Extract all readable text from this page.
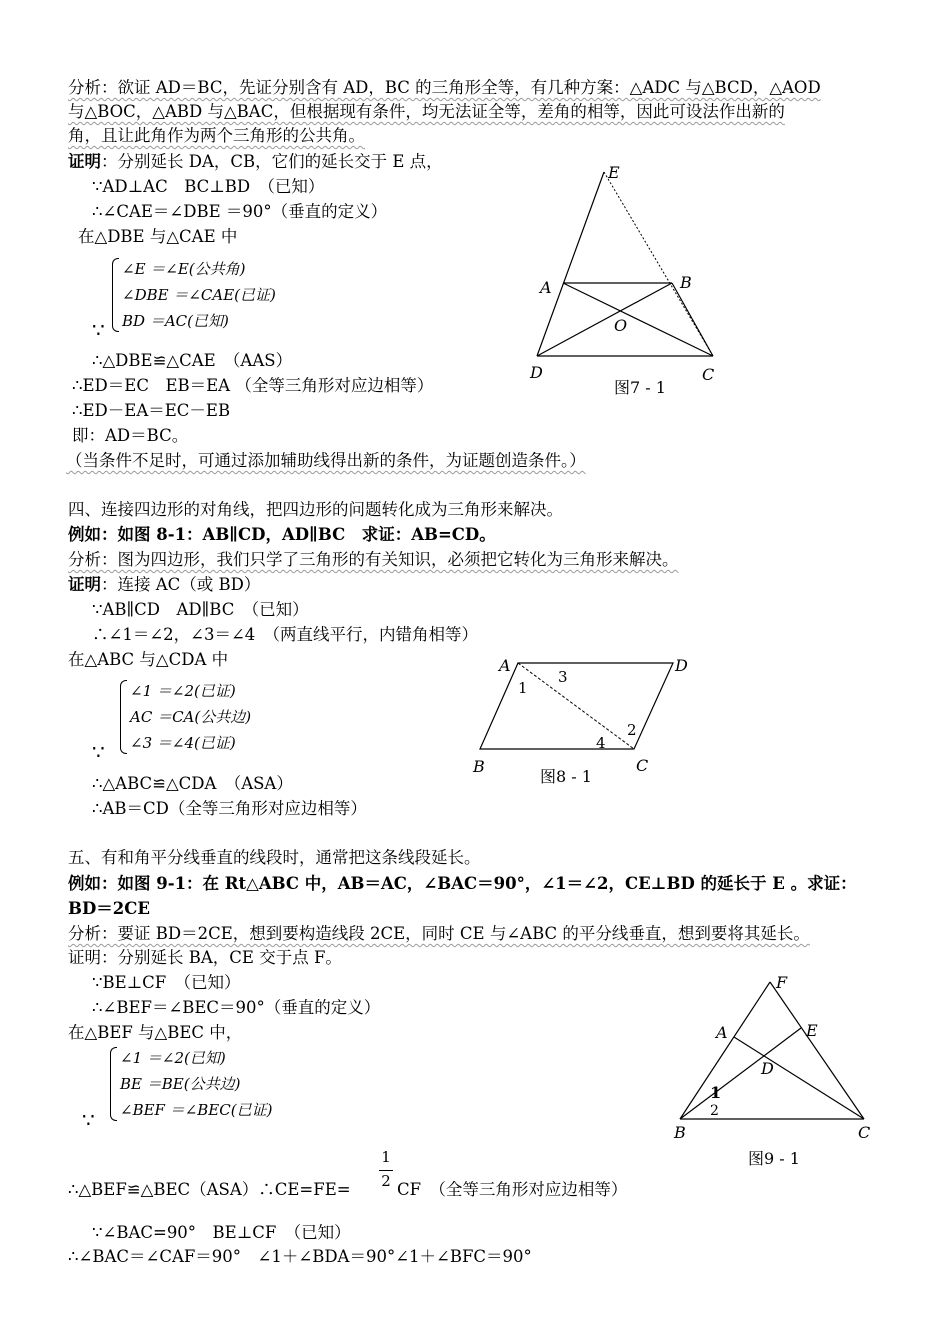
分析：欲证 AD＝BC，先证分别含有 AD，BC 的三角形全等，有几种方案：△ADC 与△BCD，△AOD
与△BOC，△ABD 与△BAC，但根据现有条件，均无法证全等，差角的相等，因此可设法作出新的
角，且让此角作为两个三角形的公共角。
证明：分别延长 DA，CB，它们的延长交于 E 点，
∵AD⊥AC　BC⊥BD　（已知）
∴∠CAE＝∠DBE ＝90°（垂直的定义）
在△DBE 与△CAE 中
∠E ＝∠E(公共角)
∠DBE ＝∠CAE(已证)
BD ＝AC(已知)
∵
∴△DBE≌△CAE　（AAS）
∴ED＝EC　EB＝EA （全等三角形对应边相等）
∴ED－EA＝EC－EB
即：AD＝BC。
（当条件不足时，可通过添加辅助线得出新的条件，为证题创造条件。）
E
A	B
O
D	C
图7 - 1
四、连接四边形的对角线，把四边形的问题转化成为三角形来解决。
例如：如图 8-1：AB∥CD，AD∥BC　求证：AB=CD。
分析：图为四边形，我们只学了三角形的有关知识，必须把它转化为三角形来解决。
证明：连接 AC（或 BD）
∵AB∥CD　AD∥BC　（已知）
∴∠1＝∠2，∠3＝∠4　（两直线平行，内错角相等）
在△ABC 与△CDA 中
∠1 ＝∠2(已证)
AC ＝CA(公共边)
∠3 ＝∠4(已证)
∵
∴△ABC≌△CDA　（ASA）
∴AB＝CD（全等三角形对应边相等）
A	D
B	C
1
3
2
4
图8 - 1
五、有和角平分线垂直的线段时，通常把这条线段延长。
例如：如图 9-1：在 Rt△ABC 中，AB＝AC，∠BAC＝90°，∠1＝∠2，CE⊥BD 的延长于 E 。求证：
BD＝2CE
分析：要证 BD＝2CE，想到要构造线段 2CE，同时 CE 与∠ABC 的平分线垂直，想到要将其延长。
证明：分别延长 BA，CE 交于点 F。
∵BE⊥CF　（已知）
∴∠BEF＝∠BEC＝90°（垂直的定义）
在△BEF 与△BEC 中，
∠1 ＝∠2(已知)
BE ＝BE(公共边)
∠BEF ＝∠BEC(已证)
∵
1
2
∴△BEF≌△BEC（ASA）∴CE=FE=	CF　（全等三角形对应边相等）
∵∠BAC=90°　BE⊥CF　（已知）
∴∠BAC＝∠CAF＝90°　∠1＋∠BDA＝90°∠1＋∠BFC＝90°
F
A	E
D
1
2
B	C
图9 - 1
